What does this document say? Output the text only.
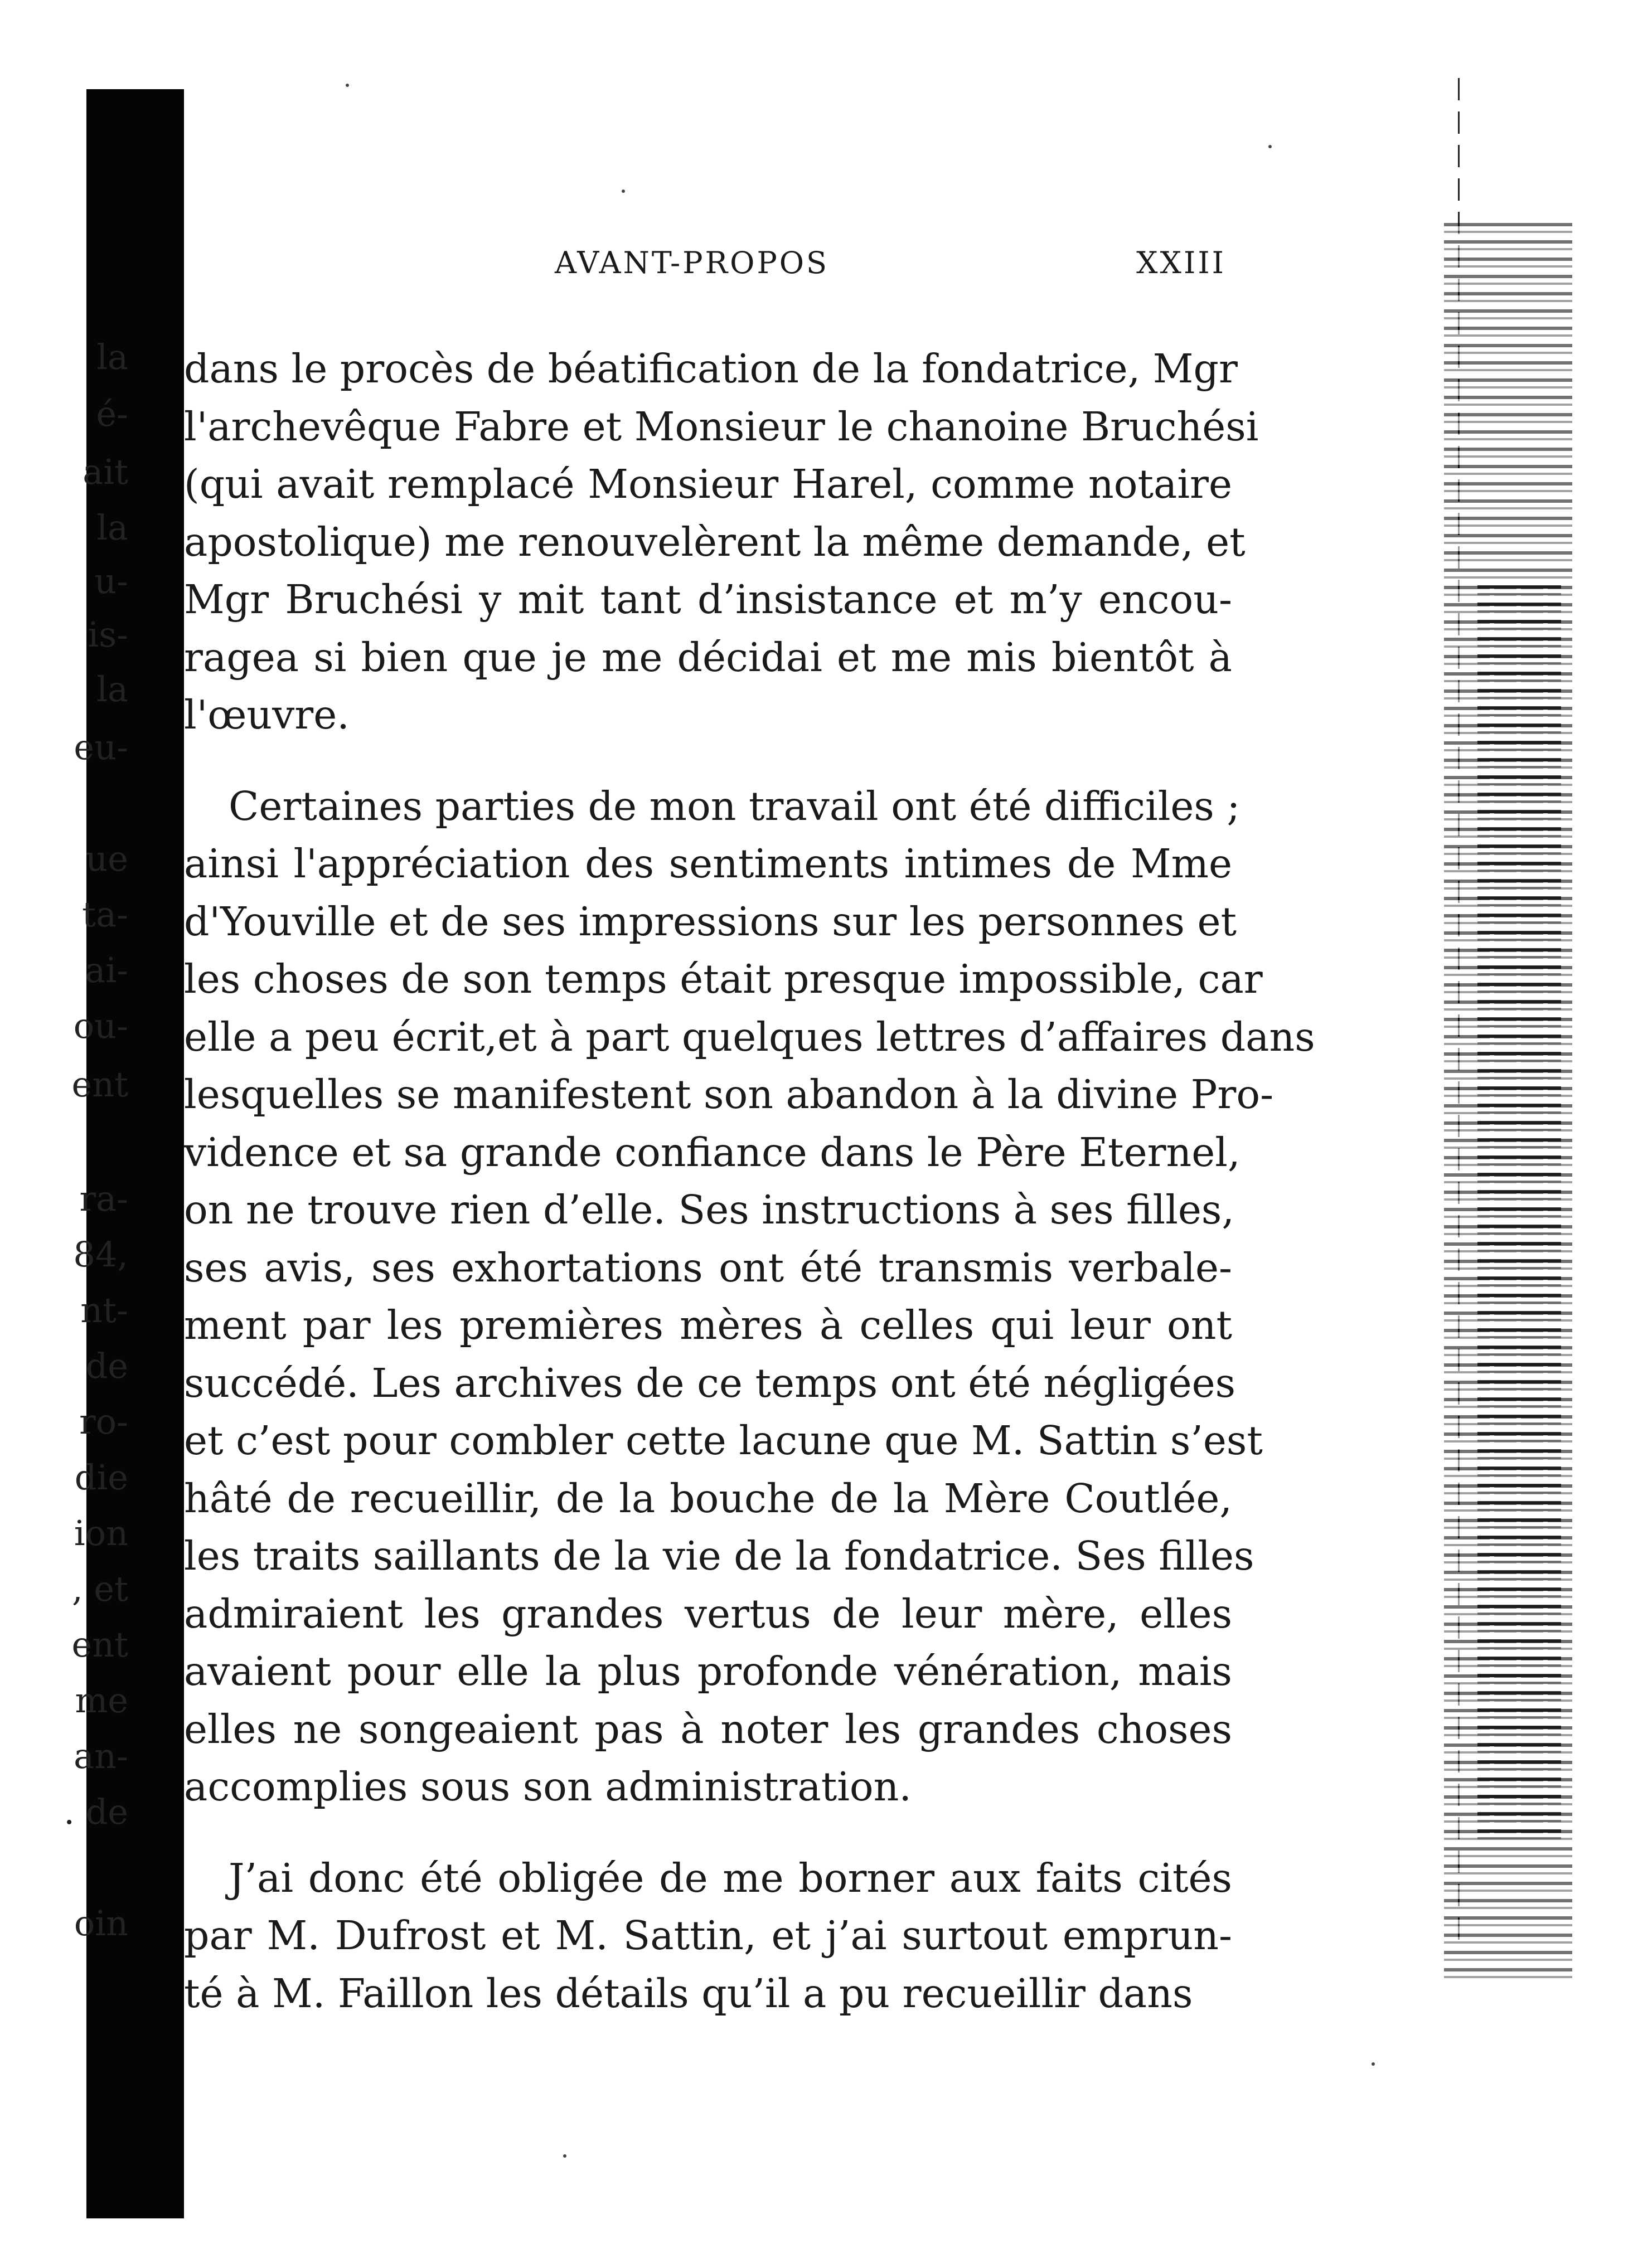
la
é-
ait
la
u-
is-
la
eu-
ue
ta-
ai-
ou-
ent
ra-
84,
nt-
de
ro-
die
ion
, et
ent
me
an-
. de
oin
AVANT-PROPOS	XXIII
dans le procès de béatification de la fondatrice, Mgr
l'archevêque Fabre et Monsieur le chanoine Bruchési
(qui avait remplacé Monsieur Harel, comme notaire
apostolique) me renouvelèrent la même demande, et
Mgr Bruchési y mit tant d’insistance et m’y encou-
ragea si bien que je me décidai et me mis bientôt à
l'œuvre.
Certaines parties de mon travail ont été difficiles ;
ainsi l'appréciation des sentiments intimes de Mme
d'Youville et de ses impressions sur les personnes et
les choses de son temps était presque impossible, car
elle a peu écrit,et à part quelques lettres d’affaires dans
lesquelles se manifestent son abandon à la divine Pro-
vidence et sa grande confiance dans le Père Eternel,
on ne trouve rien d’elle. Ses instructions à ses filles,
ses avis, ses exhortations ont été transmis verbale-
ment par les premières mères à celles qui leur ont
succédé. Les archives de ce temps ont été négligées
et c’est pour combler cette lacune que M. Sattin s’est
hâté de recueillir, de la bouche de la Mère Coutlée,
les traits saillants de la vie de la fondatrice. Ses filles
admiraient les grandes vertus de leur mère, elles
avaient pour elle la plus profonde vénération, mais
elles ne songeaient pas à noter les grandes choses
accomplies sous son administration.
J’ai donc été obligée de me borner aux faits cités
par M. Dufrost et M. Sattin, et j’ai surtout emprun-
té à M. Faillon les détails qu’il a pu recueillir dans
